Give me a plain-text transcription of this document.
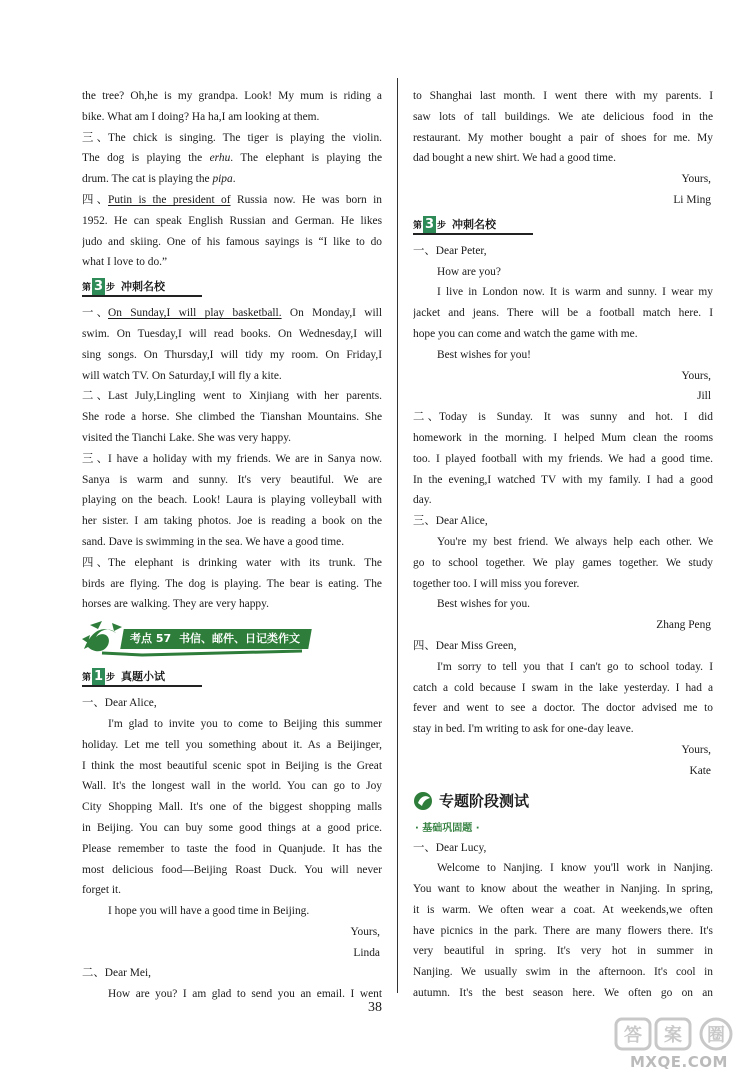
the tree? Oh,he is my grandpa. Look! My mum is riding a

bike. What am I doing? Ha ha,I am looking at them.

三、The chick is singing. The tiger is playing the violin.

The dog is playing the erhu. The elephant is playing the

drum. The cat is playing the pipa.

四、Putin is the president of Russia now. He was born in

1952. He can speak English Russian and German. He likes

judo and skiing. One of his famous sayings is “I like to do

what I love to do.”

第 3 步 冲刺名校

一、On Sunday,I will play basketball. On Monday,I will

swim. On Tuesday,I will read books. On Wednesday,I will

sing songs. On Thursday,I will tidy my room. On Friday,I

will watch TV. On Saturday,I will fly a kite.

二、Last July,Lingling went to Xinjiang with her parents.

She rode a horse. She climbed the Tianshan Mountains. She

visited the Tianchi Lake. She was very happy.

三、I have a holiday with my friends. We are in Sanya now.

Sanya is warm and sunny. It's very beautiful. We are

playing on the beach. Look! Laura is playing volleyball with

her sister. I am taking photos. Joe is reading a book on the

sand. Dave is swimming in the sea. We have a good time.

四、The elephant is drinking water with its trunk. The

birds are flying. The dog is playing. The bear is eating. The

horses are walking. They are very happy.

考点 57 书信、邮件、日记类作文
第 1 步 真题小试

一、Dear Alice,

I'm glad to invite you to come to Beijing this summer

holiday. Let me tell you something about it. As a Beijinger,

I think the most beautiful scenic spot in Beijing is the Great

Wall. It's the longest wall in the world. You can go to Joy

City Shopping Mall. It's one of the biggest shopping malls

in Beijing. You can buy some good things at a good price.

Please remember to taste the food in Quanjude. It has the

most delicious food—Beijing Roast Duck. You will never

forget it.

I hope you will have a good time in Beijing.

Yours,

Linda

二、Dear Mei,

How are you? I am glad to send you an email. I went

to Shanghai last month. I went there with my parents. I

saw lots of tall buildings. We ate delicious food in the

restaurant. My mother bought a pair of shoes for me. My

dad bought a new shirt. We had a good time.

Yours,

Li Ming

第 3 步 冲刺名校

一、Dear Peter,

How are you?

I live in London now. It is warm and sunny. I wear my

jacket and jeans. There will be a football match here. I

hope you can come and watch the game with me.

Best wishes for you!

Yours,

Jill

二、Today is Sunday. It was sunny and hot. I did

homework in the morning. I helped Mum clean the rooms

too. I played football with my friends. We had a good time.

In the evening,I watched TV with my family. I had a good

day.

三、Dear Alice,

You're my best friend. We always help each other. We

go to school together. We play games together. We study

together too. I will miss you forever.

Best wishes for you.

Zhang Peng

四、Dear Miss Green,

I'm sorry to tell you that I can't go to school today. I

catch a cold because I swam in the lake yesterday. I had a

fever and went to see a doctor. The doctor advised me to

stay in bed. I'm writing to ask for one-day leave.

Yours,

Kate

专题阶段测试
· 基础巩固题 ·

一、Dear Lucy,

Welcome to Nanjing. I know you'll work in Nanjing.

You want to know about the weather in Nanjing. In spring,

it is warm. We often wear a coat. At weekends,we often

have picnics in the park. There are many flowers there. It's

very beautiful in spring. It's very hot in summer in

Nanjing. We usually swim in the afternoon. It's cool in

autumn. It's the best season here. We often go on an

38
答 案 圈
MXQE.COM
